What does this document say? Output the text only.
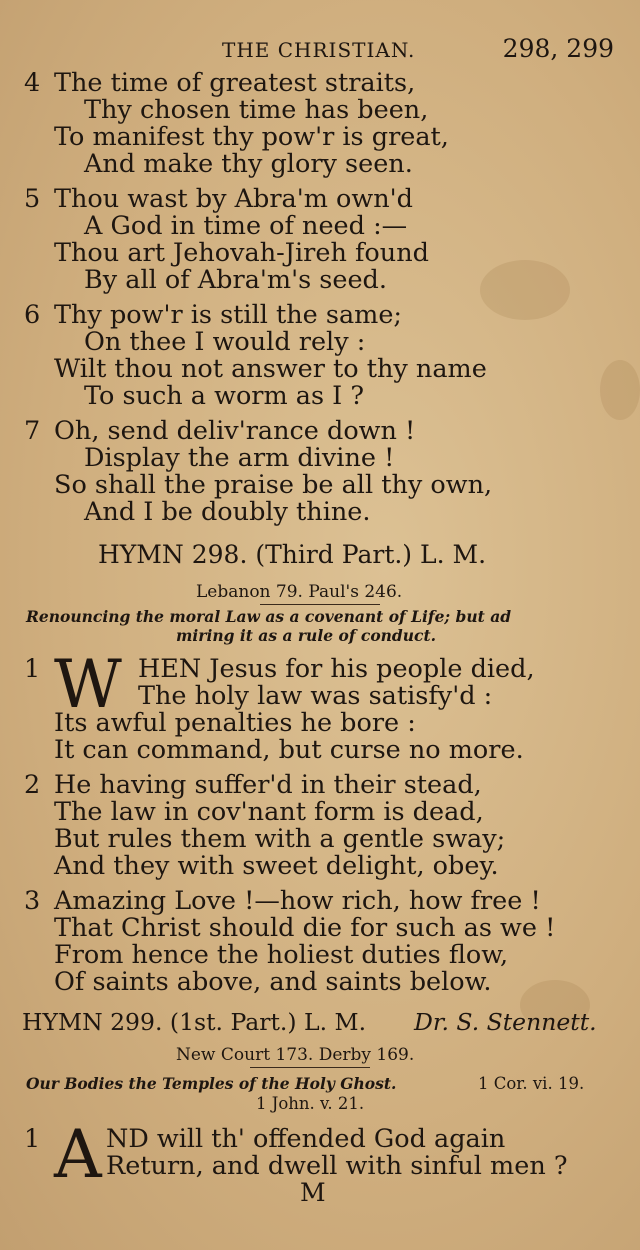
THE CHRISTIAN.	298, 299
4 The time of greatest straits,
Thy chosen time has been,
To manifest thy pow'r is great,
And make thy glory seen.
5 Thou wast by Abra'm own'd
A God in time of need :—
Thou art Jehovah-Jireh found
By all of Abra'm's seed.
6 Thy pow'r is still the same;
On thee I would rely :
Wilt thou not answer to thy name
To such a worm as I ?
7 Oh, send deliv'rance down !
Display the arm divine !
So shall the praise be all thy own,
And I be doubly thine.
HYMN 298. (Third Part.) L. M.
Lebanon 79. Paul's 246.
Renouncing the moral Law as a covenant of Life; but ad
miring it as a rule of conduct.
1 W HEN Jesus for his people died,
The holy law was satisfy'd :
Its awful penalties he bore :
It can command, but curse no more.
2 He having suffer'd in their stead,
The law in cov'nant form is dead,
But rules them with a gentle sway;
And they with sweet delight, obey.
3 Amazing Love !—how rich, how free !
That Christ should die for such as we !
From hence the holiest duties flow,
Of saints above, and saints below.
HYMN 299. (1st. Part.) L. M. Dr. S. Stennett.
New Court 173. Derby 169.
Our Bodies the Temples of the Holy Ghost.	1 Cor. vi. 19.
1 John. v. 21.
1 A ND will th' offended God again
Return, and dwell with sinful men ?
M
